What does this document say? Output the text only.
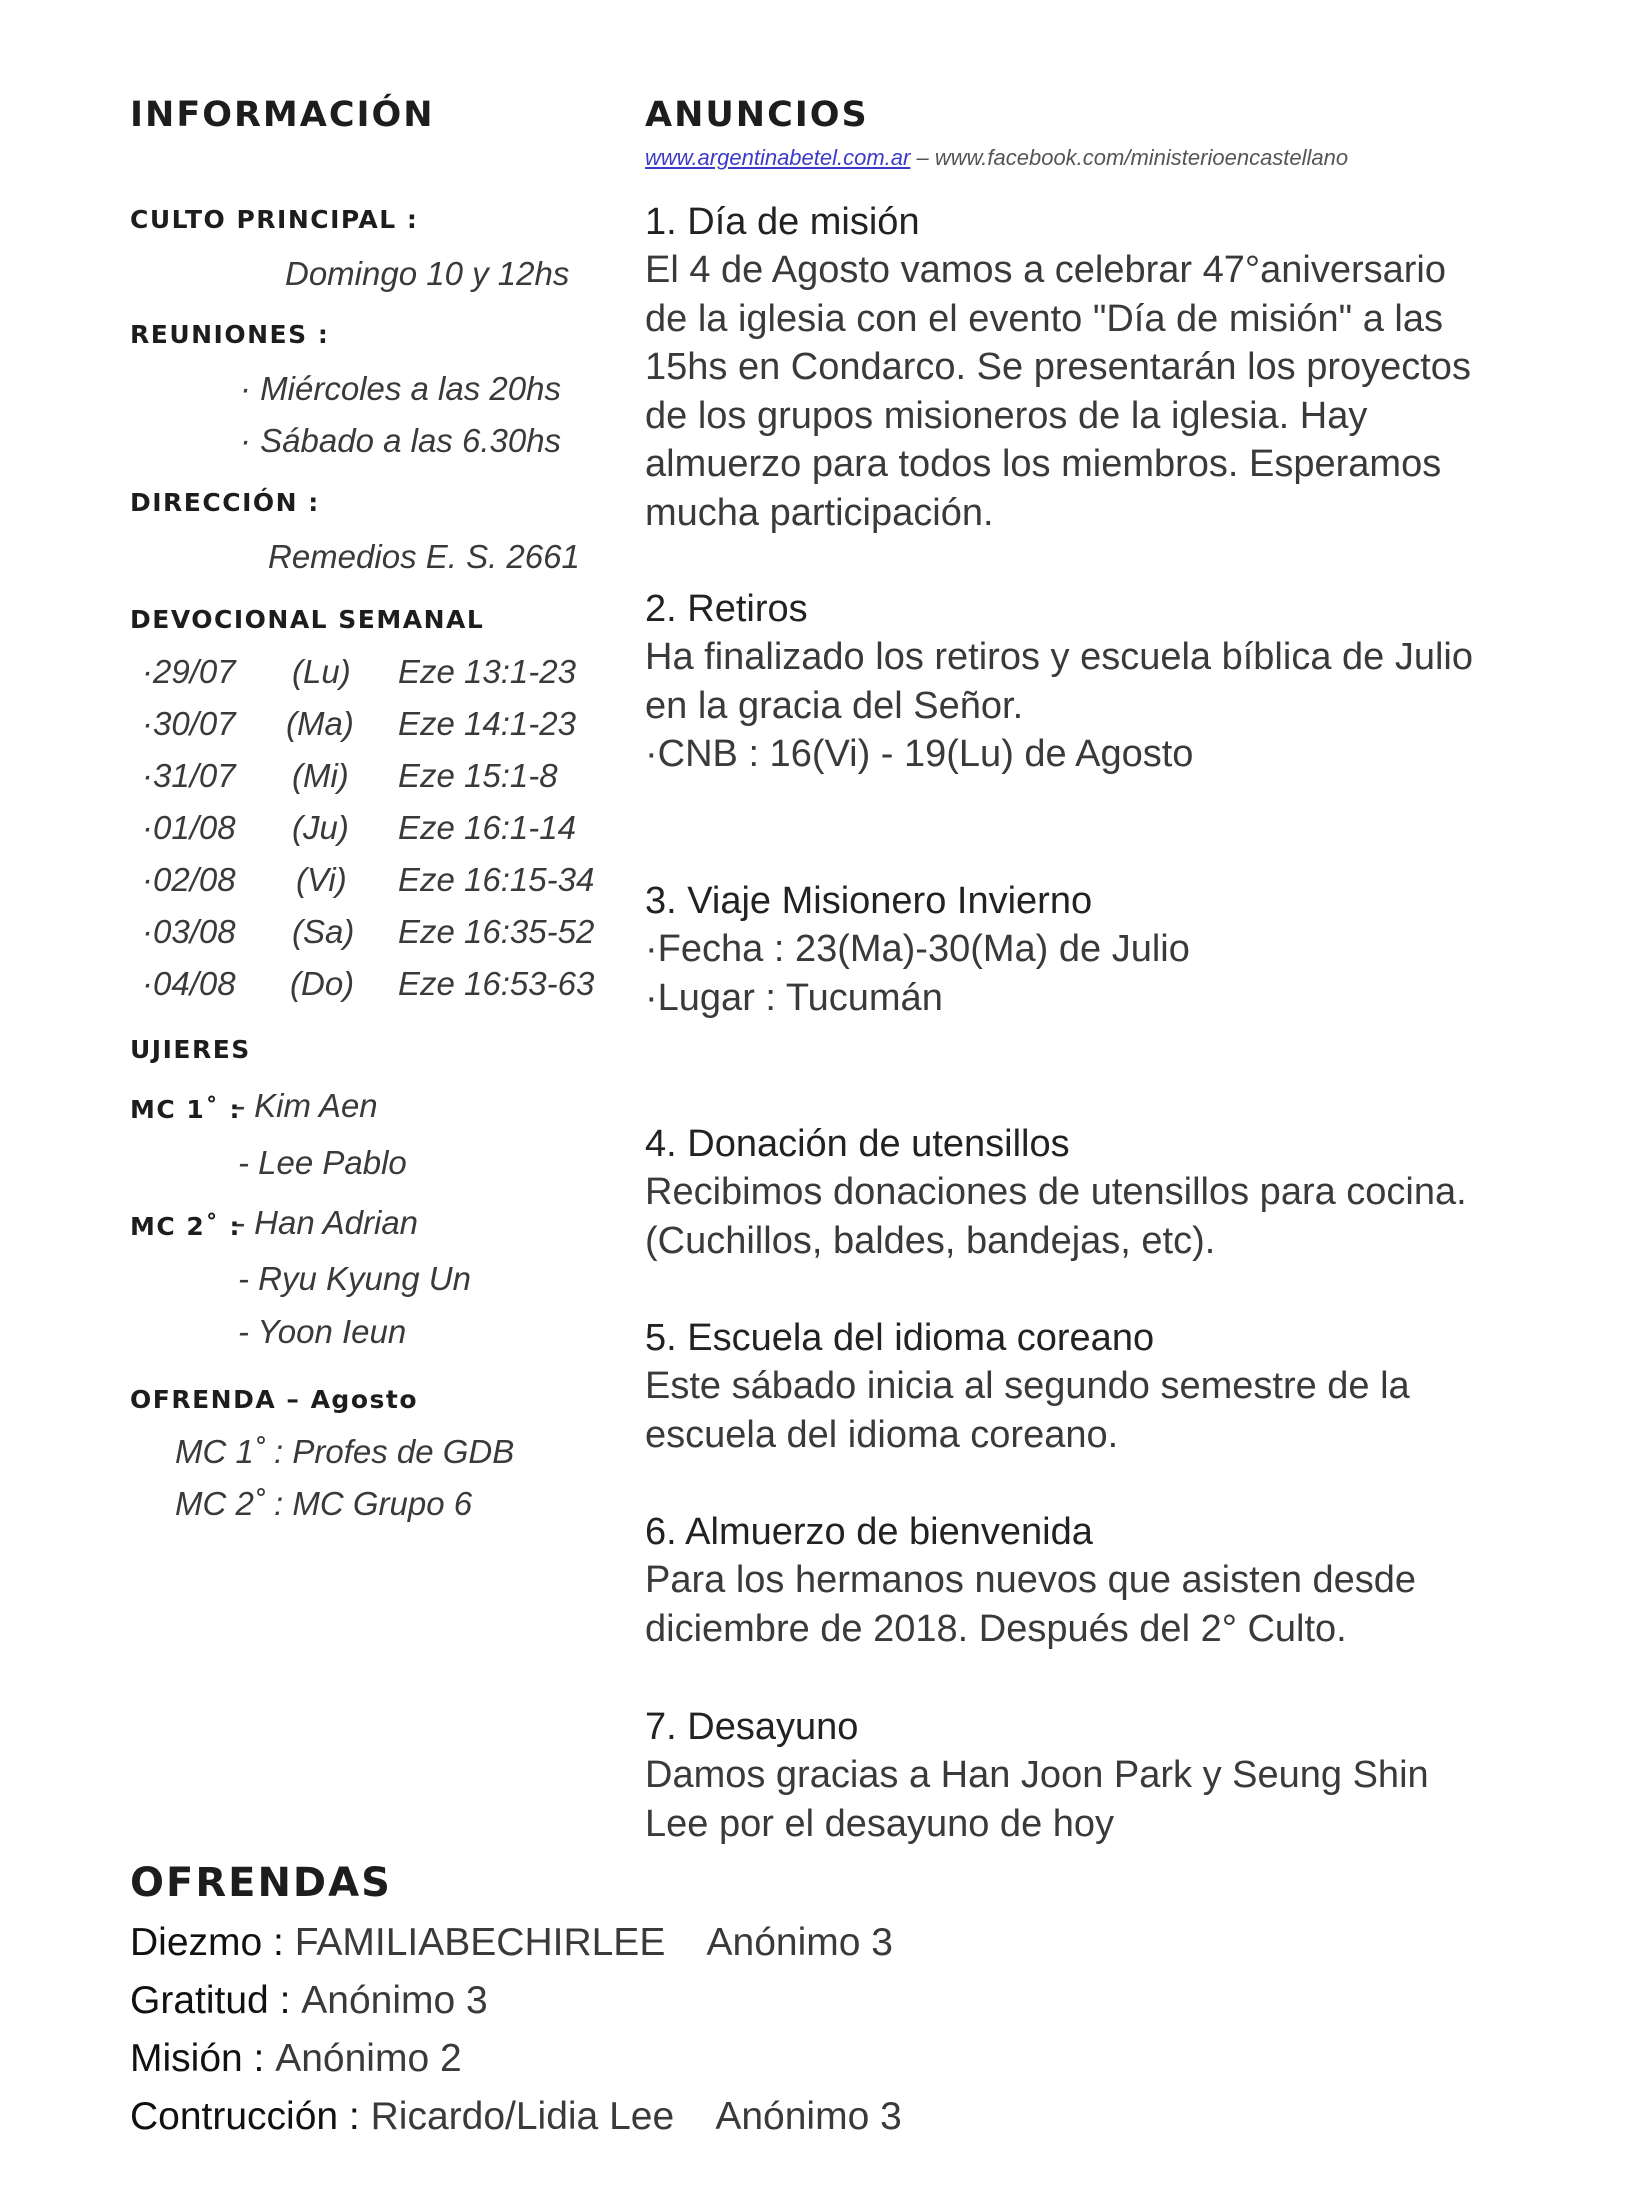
INFORMACIÓN
CULTO PRINCIPAL :
Domingo 10 y 12hs
REUNIONES :
· Miércoles a las 20hs
· Sábado a las 6.30hs
DIRECCIÓN :
Remedios E. S. 2661
DEVOCIONAL SEMANAL
·29/07 (Lu) Eze 13:1-23
·30/07 (Ma) Eze 14:1-23
·31/07 (Mi) Eze 15:1-8
·01/08 (Ju) Eze 16:1-14
·02/08 (Vi) Eze 16:15-34
·03/08 (Sa) Eze 16:35-52
·04/08 (Do) Eze 16:53-63
UJIERES
MC 1˚ :
- Kim Aen
- Lee Pablo
MC 2˚ :
- Han Adrian
- Ryu Kyung Un
- Yoon Ieun
OFRENDA – Agosto
MC 1˚ : Profes de GDB
MC 2˚ : MC Grupo 6
ANUNCIOS
www.argentinabetel.com.ar – www.facebook.com/ministerioencastellano
1. Día de misión
El 4 de Agosto vamos a celebrar 47°aniversario
de la iglesia con el evento "Día de misión" a las
15hs en Condarco. Se presentarán los proyectos
de los grupos misioneros de la iglesia. Hay
almuerzo para todos los miembros. Esperamos
mucha participación.
2. Retiros
Ha finalizado los retiros y escuela bíblica de Julio
en la gracia del Señor.
·CNB : 16(Vi) - 19(Lu) de Agosto
3. Viaje Misionero Invierno
·Fecha : 23(Ma)-30(Ma) de Julio
·Lugar : Tucumán
4. Donación de utensillos
Recibimos donaciones de utensillos para cocina.
(Cuchillos, baldes, bandejas, etc).
5. Escuela del idioma coreano
Este sábado inicia al segundo semestre de la
escuela del idioma coreano.
6. Almuerzo de bienvenida
Para los hermanos nuevos que asisten desde
diciembre de 2018. Después del 2° Culto.
7. Desayuno
Damos gracias a Han Joon Park y Seung Shin
Lee por el desayuno de hoy
OFRENDAS
Diezmo : FAMILIABECHIRLEE    Anónimo 3
Gratitud : Anónimo 3
Misión : Anónimo 2
Contrucción : Ricardo/Lidia Lee    Anónimo 3
